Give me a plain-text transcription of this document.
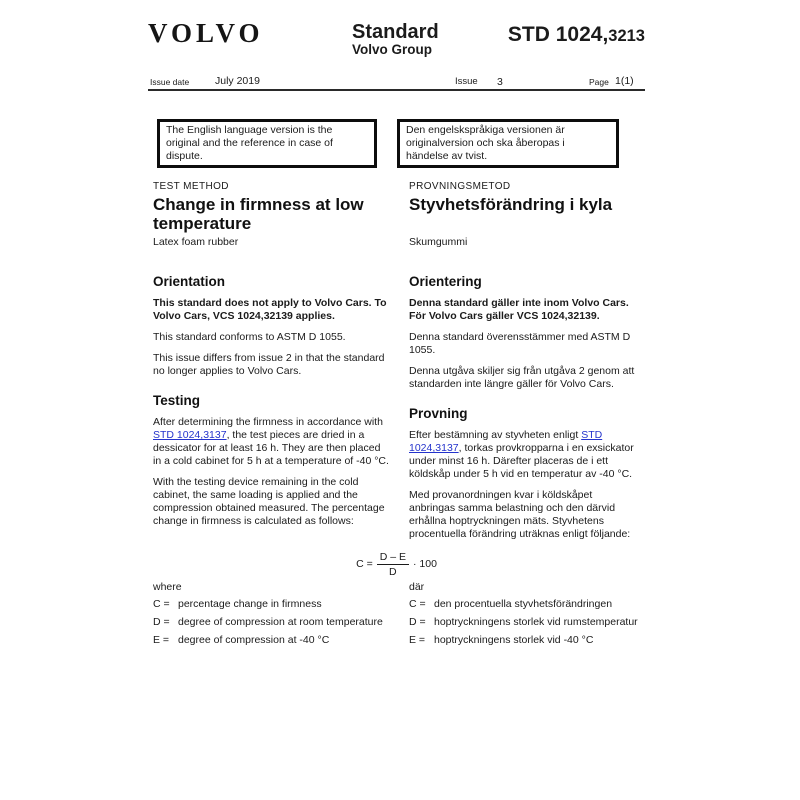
VOLVO	Standard
Volvo Group
STD 1024,3213
Issue date July 2019	Issue 3	Page 1(1)
The English language version is the original and the reference in case of dispute.
Den engelskspråkiga versionen är originalversion och ska åberopas i händelse av tvist.
TEST METHOD
Change in firmness at low temperature
Latex foam rubber
Orientation

This standard does not apply to Volvo Cars. To Volvo Cars, VCS 1024,32139 applies.

This standard conforms to ASTM D 1055.

This issue differs from issue 2 in that the standard no longer applies to Volvo Cars.

Testing

After determining the firmness in accordance with STD 1024,3137, the test pieces are dried in a dessicator for at least 16 h. They are then placed in a cold cabinet for 5 h at a temperature of -40 °C.

With the testing device remaining in the cold cabinet, the same loading is applied and the compression obtained measured. The percentage change in firmness is calculated as follows:

PROVNINGSMETOD
Styvhetsförändring i kyla
Skumgummi
Orientering

Denna standard gäller inte inom Volvo Cars. För Volvo Cars gäller VCS 1024,32139.

Denna standard överensstämmer med ASTM D 1055.

Denna utgåva skiljer sig från utgåva 2 genom att standarden inte längre gäller för Volvo Cars.

Provning

Efter bestämning av styvheten enligt STD 1024,3137, torkas provkropparna i en exsickator under minst 16 h. Därefter placeras de i ett köldskåp under 5 h vid en temperatur av -40 °C.

Med provanordningen kvar i köldskåpet anbringas samma belastning och den därvid erhållna hoptryckningen mäts. Styvhetens procentuella förändring uträknas enligt följande:

$C = \frac{D - E}{D} \cdot 100$
where
C = percentage change in firmness
D = degree of compression at room temperature
E = degree of compression at -40 °C
där
C = den procentuella styvhetsförändringen
D = hoptryckningens storlek vid rumstemperatur
E = hoptryckningens storlek vid -40 °C
